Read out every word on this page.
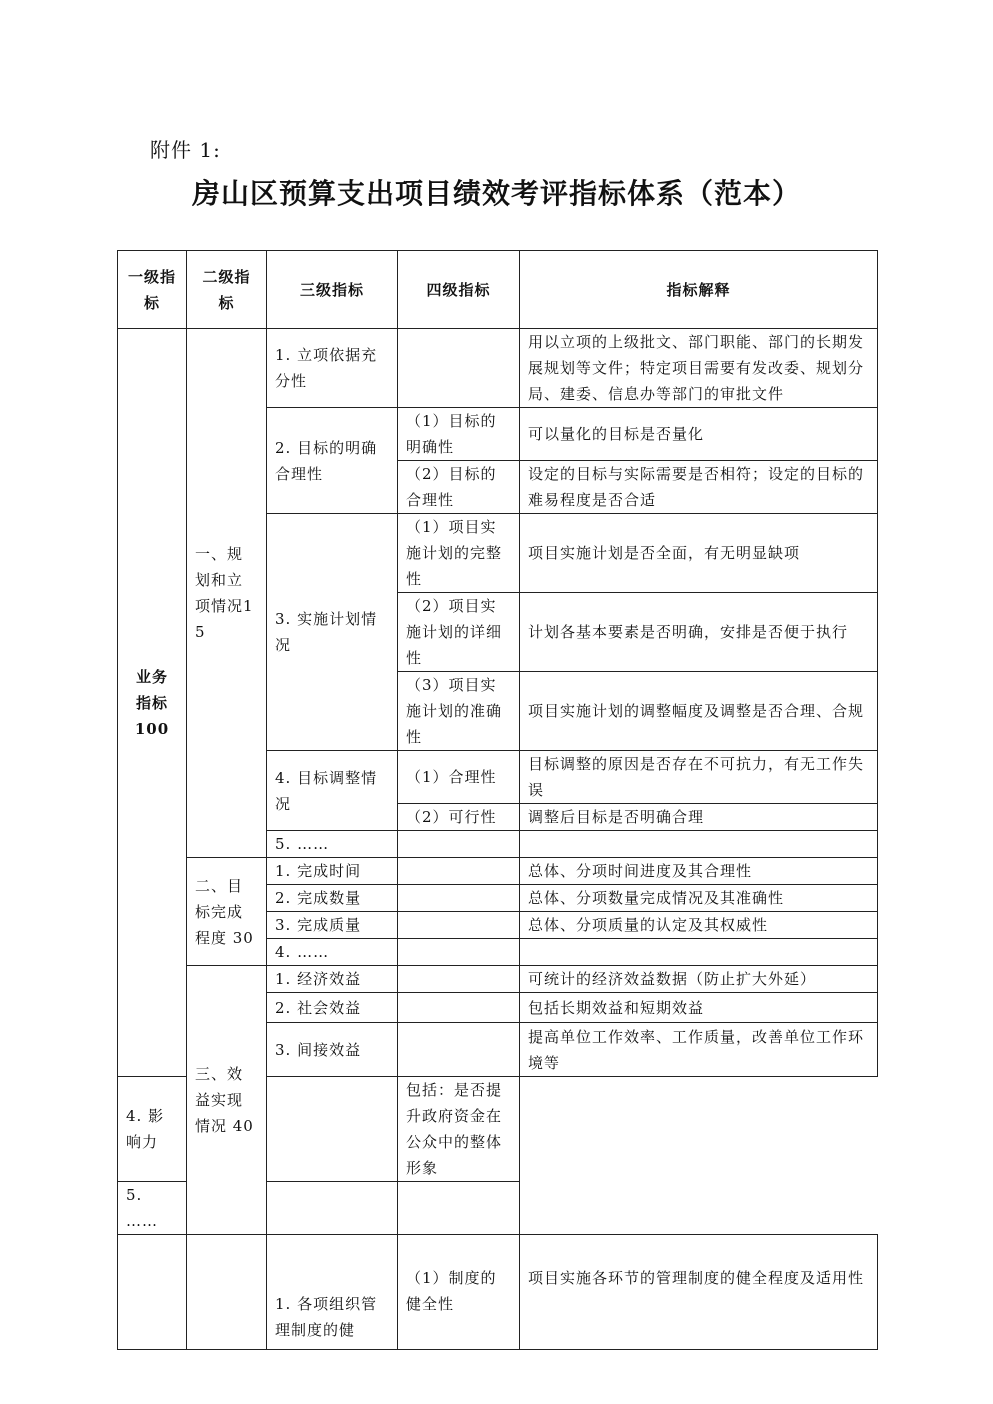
附件 1:
房山区预算支出项目绩效考评指标体系（范本）
一级指标	二级指标	三级指标	四级指标	指标解释
业务指标100	一、规划和立项情况15	1. 立项依据充分性		用以立项的上级批文、部门职能、部门的长期发展规划等文件；特定项目需要有发改委、规划分局、建委、信息办等部门的审批文件
		2. 目标的明确合理性	（1）目标的明确性	可以量化的目标是否量化
			（2）目标的合理性	设定的目标与实际需要是否相符；设定的目标的难易程度是否合适
		3. 实施计划情况	（1）项目实施计划的完整性	项目实施计划是否全面，有无明显缺项
			（2）项目实施计划的详细性	计划各基本要素是否明确，安排是否便于执行
			（3）项目实施计划的准确性	项目实施计划的调整幅度及调整是否合理、合规
		4. 目标调整情况	（1）合理性	目标调整的原因是否存在不可抗力，有无工作失误
			（2）可行性	调整后目标是否明确合理
		5. ……		

	二、目标完成程度 30	1. 完成时间		总体、分项时间进度及其合理性
		2. 完成数量		总体、分项数量完成情况及其准确性
		3. 完成质量		总体、分项质量的认定及其权威性
		4. ……		
	三、效益实现情况 40	1. 经济效益		可统计的经济效益数据（防止扩大外延）
		2. 社会效益		包括长期效益和短期效益
		3. 间接效益		提高单位工作效率、工作质量，改善单位工作环境等
4. 影响力			包括：是否提升政府资金在公众中的整体形象	
5. ……				

		1. 各项组织管理制度的健	（1）制度的健全性	项目实施各环节的管理制度的健全程度及适用性
